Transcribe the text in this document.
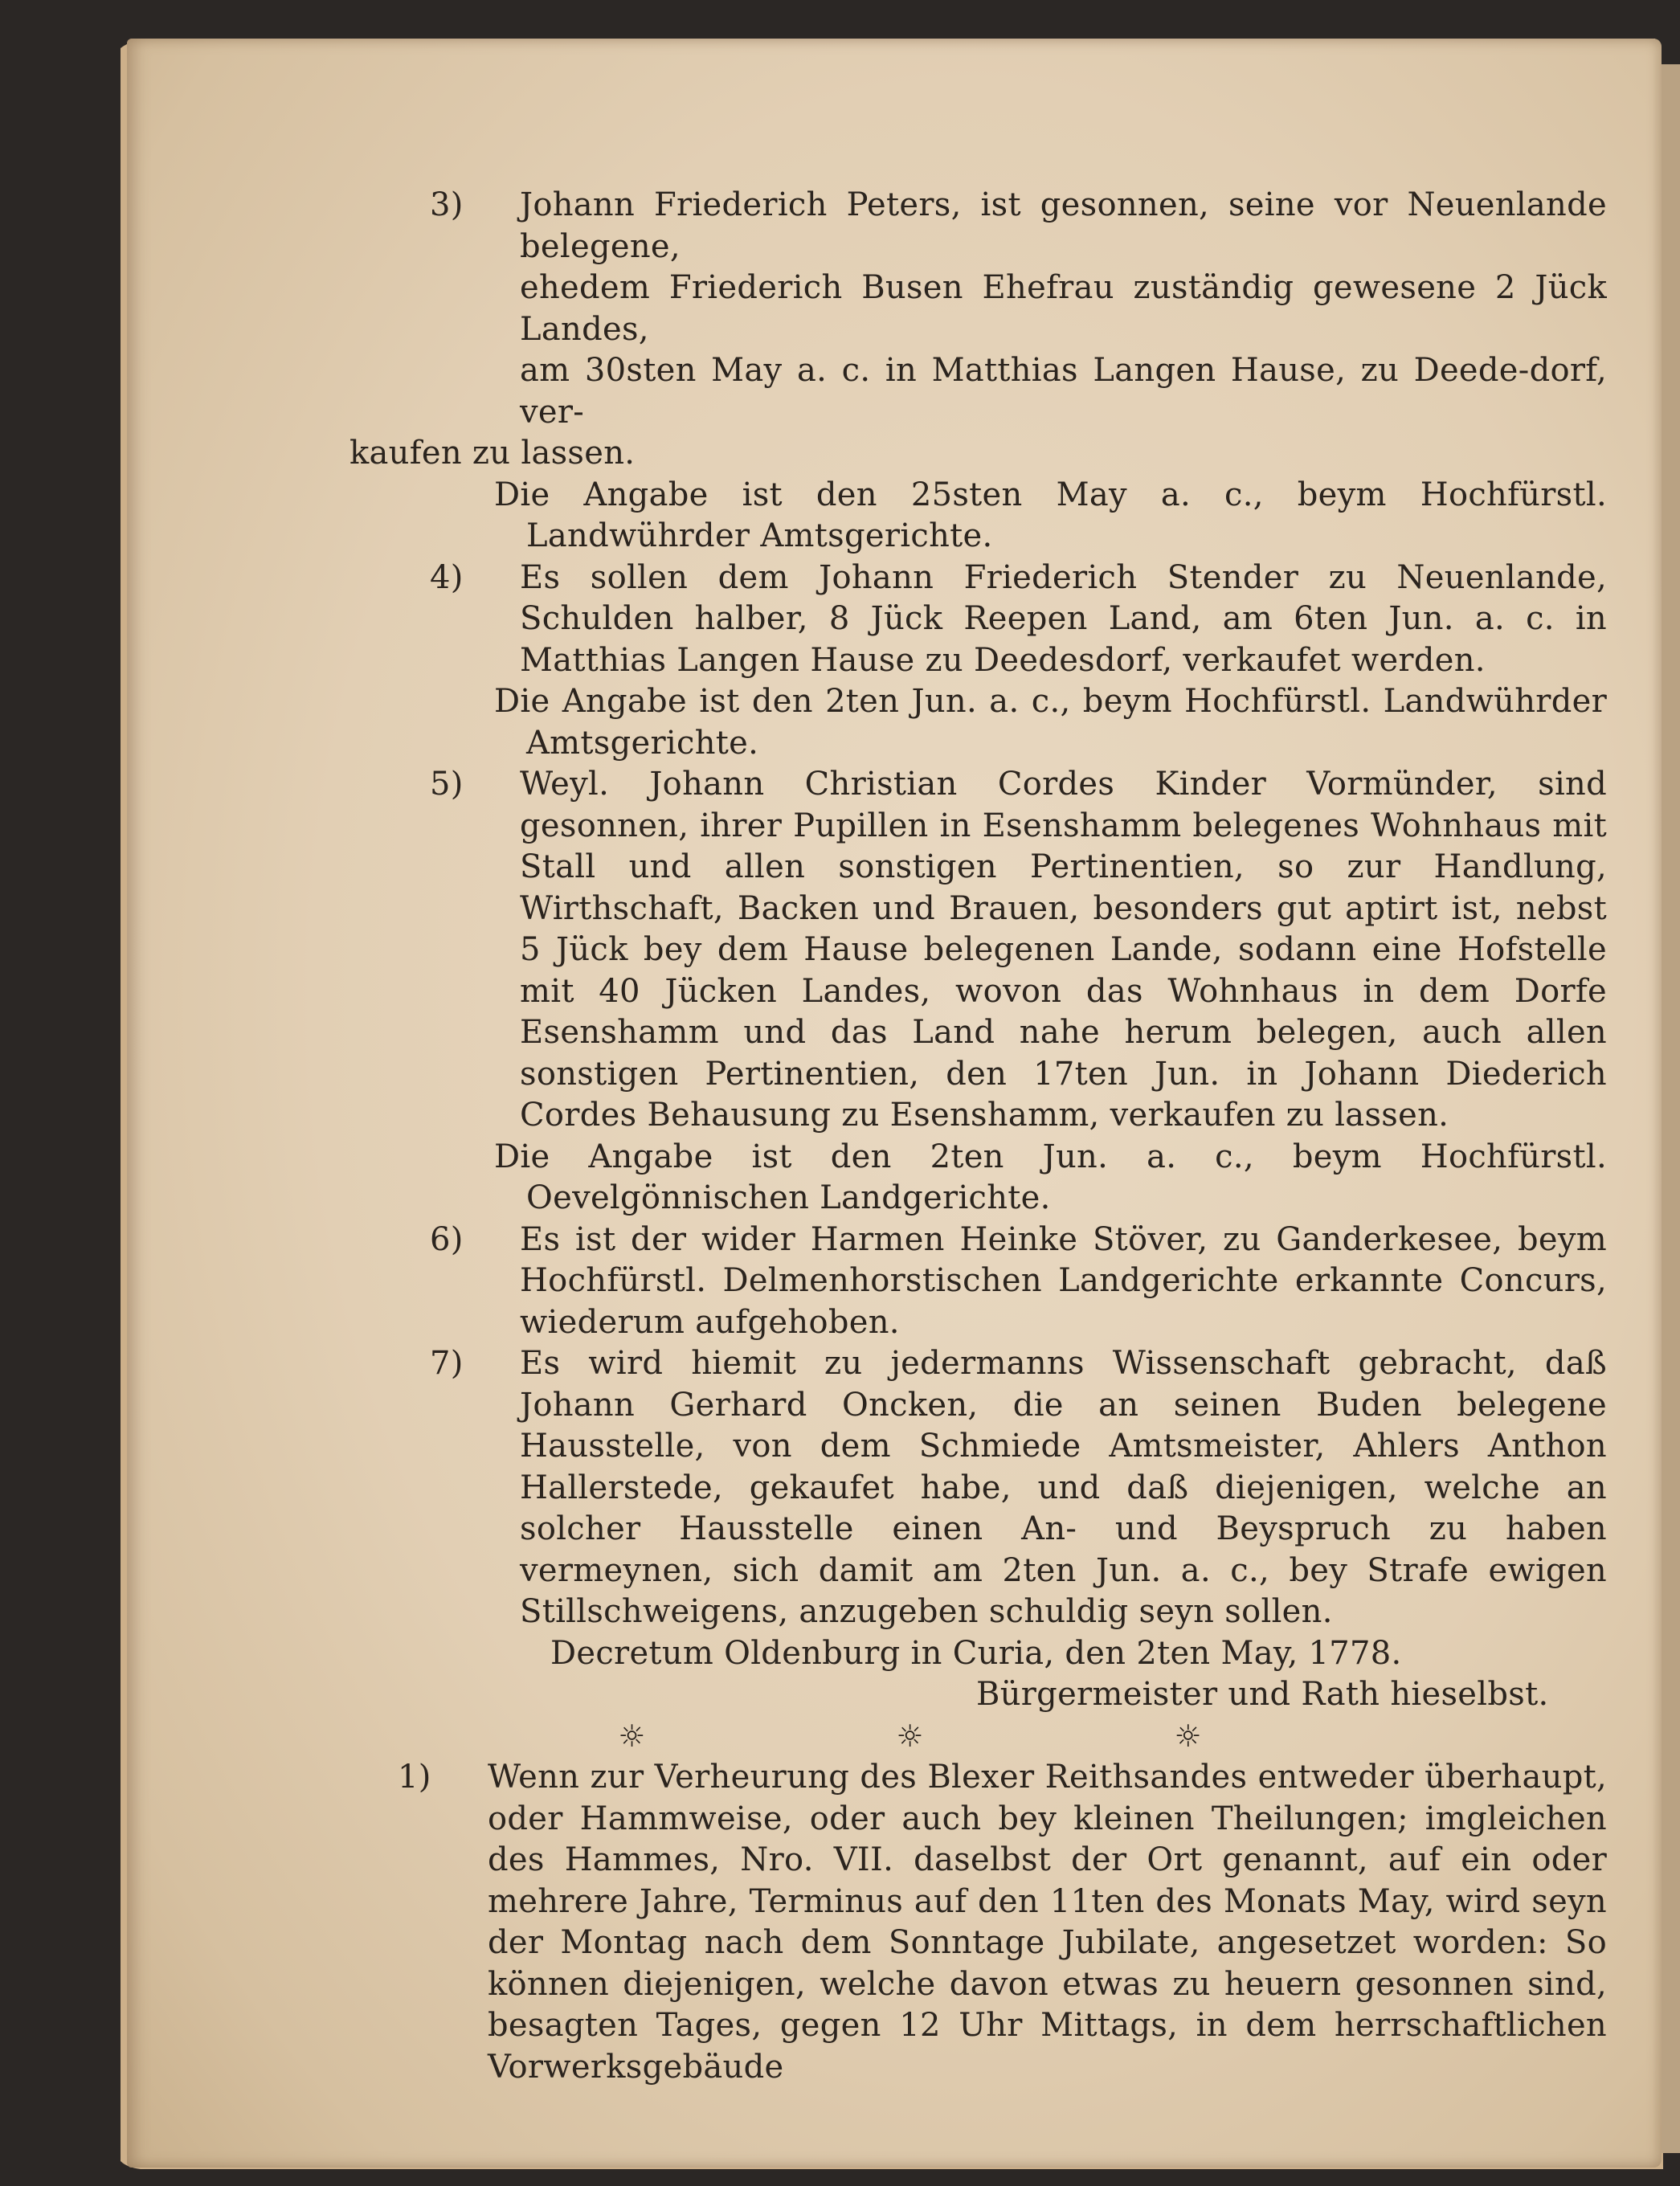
3) Johann Friederich Peters, ist gesonnen, seine vor Neuenlande belegene,
ehedem Friederich Busen Ehefrau zuständig gewesene 2 Jück Landes,
am 30sten May a. c. in Matthias Langen Hause, zu Deede-dorf, ver-

kaufen zu lassen.

Die Angabe ist den 25sten May a. c., beym Hochfürstl. Landwührder Amtsgerichte.

4) Es sollen dem Johann Friederich Stender zu Neuenlande, Schulden halber, 8 Jück Reepen Land, am 6ten Jun. a. c. in Matthias Langen Hause zu Deedesdorf, verkaufet werden.

Die Angabe ist den 2ten Jun. a. c., beym Hochfürstl. Landwührder Amtsgerichte.

5) Weyl. Johann Christian Cordes Kinder Vormünder, sind gesonnen, ihrer Pupillen in Esenshamm belegenes Wohnhaus mit Stall und allen sonstigen Pertinentien, so zur Handlung, Wirthschaft, Backen und Brauen, besonders gut aptirt ist, nebst 5 Jück bey dem Hause belegenen Lande, sodann eine Hofstelle mit 40 Jücken Landes, wovon das Wohnhaus in dem Dorfe Esenshamm und das Land nahe herum belegen, auch allen sonstigen Pertinentien, den 17ten Jun. in Johann Diederich Cordes Behausung zu Esenshamm, verkaufen zu lassen.

Die Angabe ist den 2ten Jun. a. c., beym Hochfürstl. Oevelgönnischen Landgerichte.

6) Es ist der wider Harmen Heinke Stöver, zu Ganderkesee, beym Hochfürstl. Delmenhorstischen Landgerichte erkannte Concurs, wiederum aufgehoben.

7) Es wird hiemit zu jedermanns Wissenschaft gebracht, daß Johann Gerhard Oncken, die an seinen Buden belegene Hausstelle, von dem Schmiede Amtsmeister, Ahlers Anthon Hallerstede, gekaufet habe, und daß diejenigen, welche an solcher Hausstelle einen An- und Beyspruch zu haben vermeynen, sich damit am 2ten Jun. a. c., bey Strafe ewigen Stillschweigens, anzugeben schuldig seyn sollen.

Decretum Oldenburg in Curia, den 2ten May, 1778.

Bürgermeister und Rath hieselbst.

☼ ☼ ☼

1) Wenn zur Verheurung des Blexer Reithsandes entweder überhaupt, oder Hammweise, oder auch bey kleinen Theilungen; imgleichen des Hammes, Nro. VII. daselbst der Ort genannt, auf ein oder mehrere Jahre, Terminus auf den 11ten des Monats May, wird seyn der Montag nach dem Sonntage Jubilate, angesetzet worden: So können diejenigen, welche davon etwas zu heuern gesonnen sind, besagten Tages, gegen 12 Uhr Mittags, in dem herrschaftlichen Vorwerksgebäude
